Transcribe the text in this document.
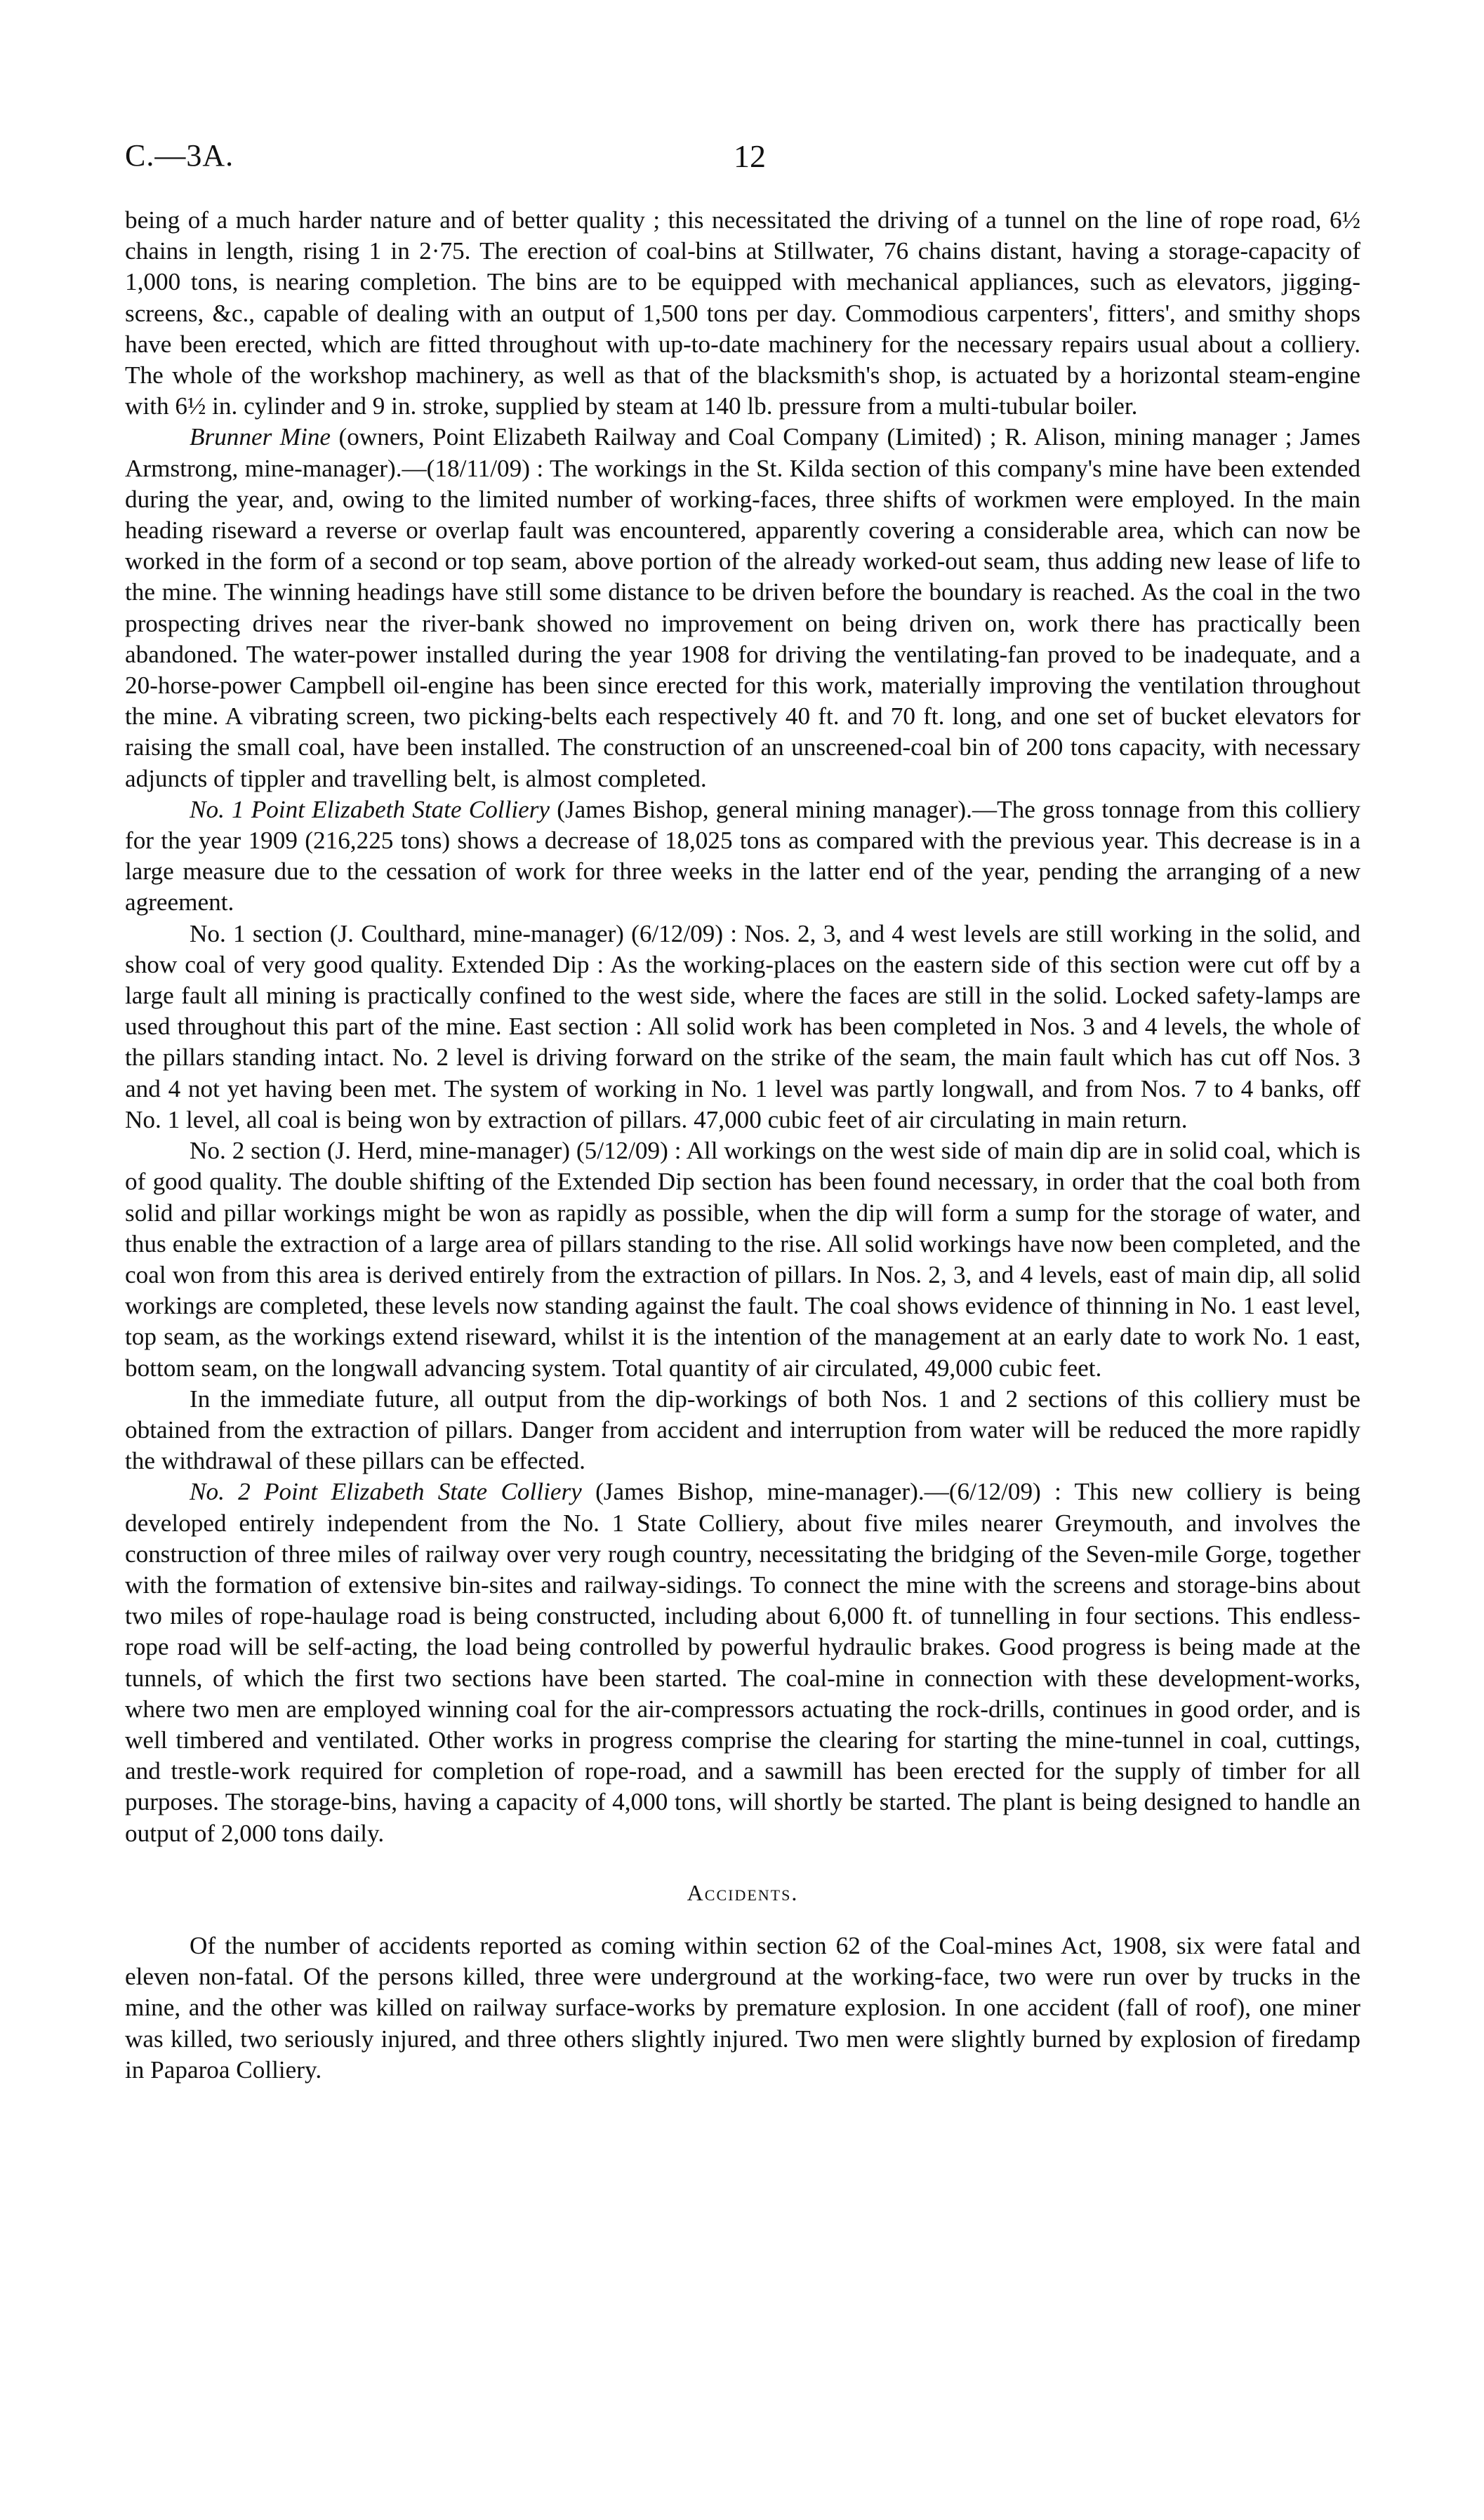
C.—3A.	12

being of a much harder nature and of better quality ; this necessitated the driving of a tunnel on the line of rope road, 6½ chains in length, rising 1 in 2·75. The erection of coal-bins at Stillwater, 76 chains distant, having a storage-capacity of 1,000 tons, is nearing completion. The bins are to be equipped with mechanical appliances, such as elevators, jigging-screens, &c., capable of dealing with an output of 1,500 tons per day. Commodious carpenters', fitters', and smithy shops have been erected, which are fitted throughout with up-to-date machinery for the necessary repairs usual about a colliery. The whole of the workshop machinery, as well as that of the blacksmith's shop, is actuated by a horizontal steam-engine with 6½ in. cylinder and 9 in. stroke, supplied by steam at 140 lb. pressure from a multi-tubular boiler.

Brunner Mine (owners, Point Elizabeth Railway and Coal Company (Limited) ; R. Alison, mining manager ; James Armstrong, mine-manager).—(18/11/09) : The workings in the St. Kilda section of this company's mine have been extended during the year, and, owing to the limited number of working-faces, three shifts of workmen were employed. In the main heading riseward a reverse or overlap fault was encountered, apparently covering a considerable area, which can now be worked in the form of a second or top seam, above portion of the already worked-out seam, thus adding new lease of life to the mine. The winning headings have still some distance to be driven before the boundary is reached. As the coal in the two prospecting drives near the river-bank showed no improvement on being driven on, work there has practically been abandoned. The water-power installed during the year 1908 for driving the ventilating-fan proved to be inadequate, and a 20-horse-power Campbell oil-engine has been since erected for this work, materially improving the ventilation throughout the mine. A vibrating screen, two picking-belts each respectively 40 ft. and 70 ft. long, and one set of bucket elevators for raising the small coal, have been installed. The construction of an unscreened-coal bin of 200 tons capacity, with necessary adjuncts of tippler and travelling belt, is almost completed.

No. 1 Point Elizabeth State Colliery (James Bishop, general mining manager).—The gross tonnage from this colliery for the year 1909 (216,225 tons) shows a decrease of 18,025 tons as compared with the previous year. This decrease is in a large measure due to the cessation of work for three weeks in the latter end of the year, pending the arranging of a new agreement.

No. 1 section (J. Coulthard, mine-manager) (6/12/09) : Nos. 2, 3, and 4 west levels are still working in the solid, and show coal of very good quality. Extended Dip : As the working-places on the eastern side of this section were cut off by a large fault all mining is practically confined to the west side, where the faces are still in the solid. Locked safety-lamps are used throughout this part of the mine. East section : All solid work has been completed in Nos. 3 and 4 levels, the whole of the pillars standing intact. No. 2 level is driving forward on the strike of the seam, the main fault which has cut off Nos. 3 and 4 not yet having been met. The system of working in No. 1 level was partly longwall, and from Nos. 7 to 4 banks, off No. 1 level, all coal is being won by extraction of pillars. 47,000 cubic feet of air circulating in main return.

No. 2 section (J. Herd, mine-manager) (5/12/09) : All workings on the west side of main dip are in solid coal, which is of good quality. The double shifting of the Extended Dip section has been found necessary, in order that the coal both from solid and pillar workings might be won as rapidly as possible, when the dip will form a sump for the storage of water, and thus enable the extraction of a large area of pillars standing to the rise. All solid workings have now been completed, and the coal won from this area is derived entirely from the extraction of pillars. In Nos. 2, 3, and 4 levels, east of main dip, all solid workings are completed, these levels now standing against the fault. The coal shows evidence of thinning in No. 1 east level, top seam, as the workings extend riseward, whilst it is the intention of the management at an early date to work No. 1 east, bottom seam, on the longwall advancing system. Total quantity of air circulated, 49,000 cubic feet.

In the immediate future, all output from the dip-workings of both Nos. 1 and 2 sections of this colliery must be obtained from the extraction of pillars. Danger from accident and interruption from water will be reduced the more rapidly the withdrawal of these pillars can be effected.

No. 2 Point Elizabeth State Colliery (James Bishop, mine-manager).—(6/12/09) : This new colliery is being developed entirely independent from the No. 1 State Colliery, about five miles nearer Greymouth, and involves the construction of three miles of railway over very rough country, necessitating the bridging of the Seven-mile Gorge, together with the formation of extensive bin-sites and railway-sidings. To connect the mine with the screens and storage-bins about two miles of rope-haulage road is being constructed, including about 6,000 ft. of tunnelling in four sections. This endless-rope road will be self-acting, the load being controlled by powerful hydraulic brakes. Good progress is being made at the tunnels, of which the first two sections have been started. The coal-mine in connection with these development-works, where two men are employed winning coal for the air-compressors actuating the rock-drills, continues in good order, and is well timbered and ventilated. Other works in progress comprise the clearing for starting the mine-tunnel in coal, cuttings, and trestle-work required for completion of rope-road, and a sawmill has been erected for the supply of timber for all purposes. The storage-bins, having a capacity of 4,000 tons, will shortly be started. The plant is being designed to handle an output of 2,000 tons daily.

Accidents.

Of the number of accidents reported as coming within section 62 of the Coal-mines Act, 1908, six were fatal and eleven non-fatal. Of the persons killed, three were underground at the working-face, two were run over by trucks in the mine, and the other was killed on railway surface-works by premature explosion. In one accident (fall of roof), one miner was killed, two seriously injured, and three others slightly injured. Two men were slightly burned by explosion of firedamp in Paparoa Colliery.
